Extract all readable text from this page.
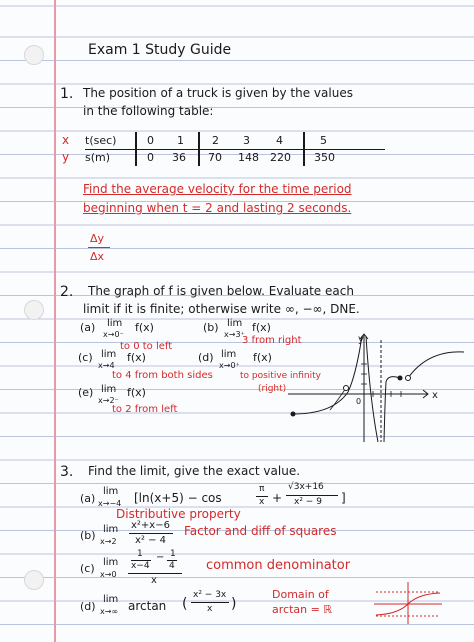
Exam 1 Study Guide
1. The position of a truck is given by the values
in the following table:
x
y
t(sec)
s(m)
0 1	2 3 4	5
0 36 70 148 220 350
Find the average velocity for the time period
beginning when t = 2 and lasting 2 seconds.
Δy
Δx
2. The graph of f is given below. Evaluate each
limit if it is finite; otherwise write ∞, −∞, DNE.
(a) lim
x→0⁻
f(x)
to 0 to left
(b) lim
x→3⁺
f(x)
3 from right
(c) lim
x→4
f(x)
to 4 from both sides
(d) lim
x→0⁺
f(x)
to positive infinity
(right)
(e) lim
x→2⁻
f(x)
to 2 from left
y
x
0
3. Find the limit, give the exact value.
(a)
lim
x→−4 [ln(x+5) − cos
π
x +
√3x+16
x² − 9 ]
Distributive property
(b) lim
x→2
x²+x−6
x² − 4
Factor and diff of squares
(c) lim
x→0
1
x−4
− 1
4
x
common denominator
(d)
lim
x→∞ arctan (
x² − 3x
x )
Domain of
arctan = ℝ
